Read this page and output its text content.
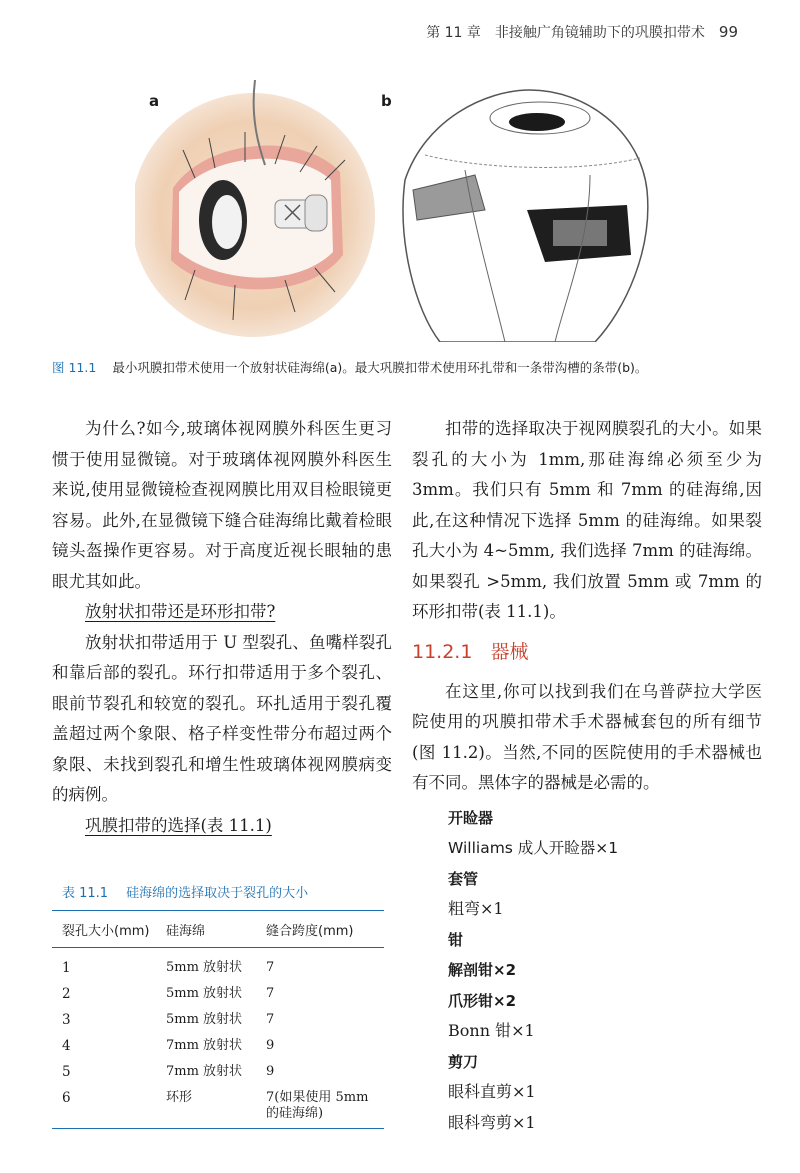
第 11 章 非接触广角镜辅助下的巩膜扣带术 99
a	b
图 11.1 最小巩膜扣带术使用一个放射状硅海绵(a)。最大巩膜扣带术使用环扎带和一条带沟槽的条带(b)。

为什么?如今,玻璃体视网膜外科医生更习惯于使用显微镜。对于玻璃体视网膜外科医生来说,使用显微镜检查视网膜比用双目检眼镜更容易。此外,在显微镜下缝合硅海绵比戴着检眼镜头盔操作更容易。对于高度近视长眼轴的患眼尤其如此。

放射状扣带还是环形扣带?

放射状扣带适用于 U 型裂孔、鱼嘴样裂孔和靠后部的裂孔。环行扣带适用于多个裂孔、眼前节裂孔和较宽的裂孔。环扎适用于裂孔覆盖超过两个象限、格子样变性带分布超过两个象限、未找到裂孔和增生性玻璃体视网膜病变的病例。

巩膜扣带的选择(表 11.1)

表 11.1 硅海绵的选择取决于裂孔的大小
裂孔大小(mm)	硅海绵	缝合跨度(mm)
1	5mm 放射状	7
2	5mm 放射状	7
3	5mm 放射状	7
4	7mm 放射状	9
5	7mm 放射状	9
6	环形	7(如果使用 5mm 的硅海绵)

扣带的选择取决于视网膜裂孔的大小。如果裂孔的大小为 1mm,那硅海绵必须至少为 3mm。我们只有 5mm 和 7mm 的硅海绵,因此,在这种情况下选择 5mm 的硅海绵。如果裂孔大小为 4~5mm, 我们选择 7mm 的硅海绵。如果裂孔 >5mm, 我们放置 5mm 或 7mm 的环形扣带(表 11.1)。

11.2.1 器械

在这里,你可以找到我们在乌普萨拉大学医院使用的巩膜扣带术手术器械套包的所有细节(图 11.2)。当然,不同的医院使用的手术器械也有不同。黑体字的器械是必需的。

开睑器
Williams 成人开睑器×1
套管
粗弯×1
钳
解剖钳×2
爪形钳×2
Bonn 钳×1
剪刀
眼科直剪×1
眼科弯剪×1
